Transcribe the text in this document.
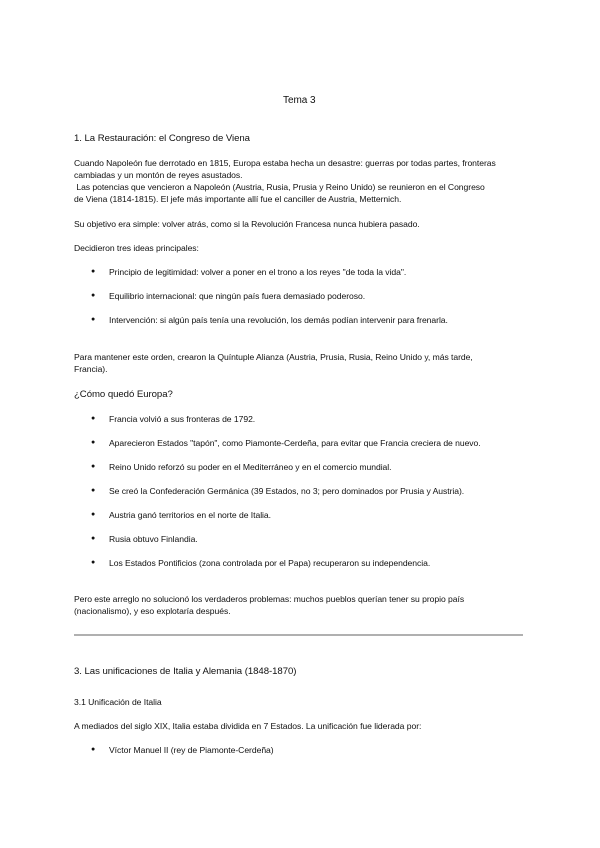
Tema 3
1. La Restauración: el Congreso de Viena
Cuando Napoleón fue derrotado en 1815, Europa estaba hecha un desastre: guerras por todas partes, fronteras
cambiadas y un montón de reyes asustados.
Las potencias que vencieron a Napoleón (Austria, Rusia, Prusia y Reino Unido) se reunieron en el Congreso
de Viena (1814-1815). El jefe más importante allí fue el canciller de Austria, Metternich.
Su objetivo era simple: volver atrás, como si la Revolución Francesa nunca hubiera pasado.
Decidieron tres ideas principales:
● Principio de legitimidad: volver a poner en el trono a los reyes "de toda la vida".
● Equilibrio internacional: que ningún país fuera demasiado poderoso.
● Intervención: si algún país tenía una revolución, los demás podían intervenir para frenarla.
Para mantener este orden, crearon la Quíntuple Alianza (Austria, Prusia, Rusia, Reino Unido y, más tarde,
Francia).
¿Cómo quedó Europa?
● Francia volvió a sus fronteras de 1792.
● Aparecieron Estados "tapón", como Piamonte-Cerdeña, para evitar que Francia creciera de nuevo.
● Reino Unido reforzó su poder en el Mediterráneo y en el comercio mundial.
● Se creó la Confederación Germánica (39 Estados, no 3; pero dominados por Prusia y Austria).
● Austria ganó territorios en el norte de Italia.
● Rusia obtuvo Finlandia.
● Los Estados Pontificios (zona controlada por el Papa) recuperaron su independencia.
Pero este arreglo no solucionó los verdaderos problemas: muchos pueblos querían tener su propio país
(nacionalismo), y eso explotaría después.
3. Las unificaciones de Italia y Alemania (1848-1870)
3.1 Unificación de Italia
A mediados del siglo XIX, Italia estaba dividida en 7 Estados. La unificación fue liderada por:
● Víctor Manuel II (rey de Piamonte-Cerdeña)
